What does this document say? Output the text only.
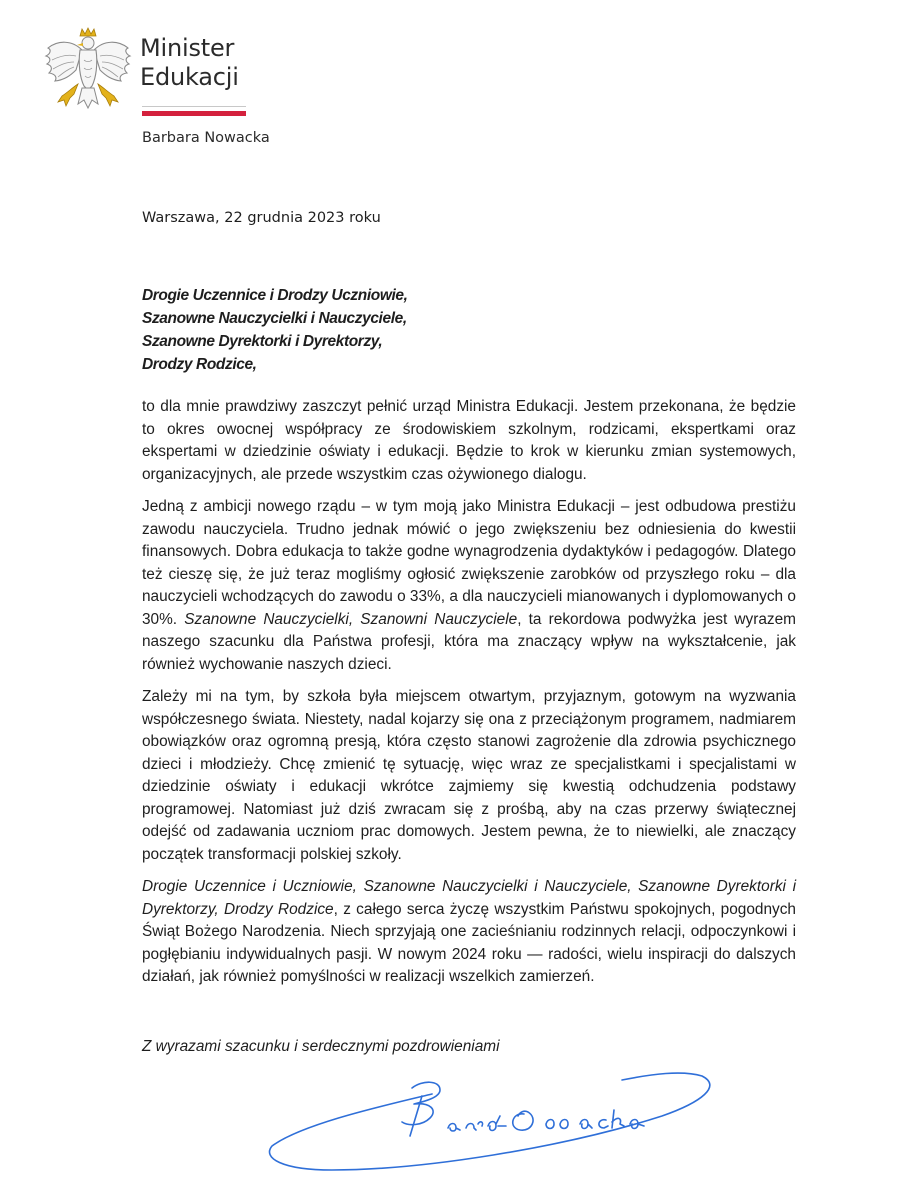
Minister
Edukacji
Barbara Nowacka
Warszawa, 22 grudnia 2023 roku
Drogie Uczennice i Drodzy Uczniowie,
Szanowne Nauczycielki i Nauczyciele,
Szanowne Dyrektorki i Dyrektorzy,
Drodzy Rodzice,

to dla mnie prawdziwy zaszczyt pełnić urząd Ministra Edukacji. Jestem przekonana, że będzie to okres owocnej współpracy ze środowiskiem szkolnym, rodzicami, ekspertkami oraz ekspertami w dziedzinie oświaty i edukacji. Będzie to krok w kierunku zmian systemowych, organizacyjnych, ale przede wszystkim czas ożywionego dialogu.

Jedną z ambicji nowego rządu – w tym moją jako Ministra Edukacji – jest odbudowa prestiżu zawodu nauczyciela. Trudno jednak mówić o jego zwiększeniu bez odniesienia do kwestii finansowych. Dobra edukacja to także godne wynagrodzenia dydaktyków i pedagogów. Dlatego też cieszę się, że już teraz mogliśmy ogłosić zwiększenie zarobków od przyszłego roku – dla nauczycieli wchodzących do zawodu o 33%, a dla nauczycieli mianowanych i dyplomowanych o 30%. Szanowne Nauczycielki, Szanowni Nauczyciele, ta rekordowa podwyżka jest wyrazem naszego szacunku dla Państwa profesji, która ma znaczący wpływ na wykształcenie, jak również wychowanie naszych dzieci.

Zależy mi na tym, by szkoła była miejscem otwartym, przyjaznym, gotowym na wyzwania współczesnego świata. Niestety, nadal kojarzy się ona z przeciążonym programem, nadmiarem obowiązków oraz ogromną presją, która często stanowi zagrożenie dla zdrowia psychicznego dzieci i młodzieży. Chcę zmienić tę sytuację, więc wraz ze specjalistkami i specjalistami w dziedzinie oświaty i edukacji wkrótce zajmiemy się kwestią odchudzenia podstawy programowej. Natomiast już dziś zwracam się z prośbą, aby na czas przerwy świątecznej odejść od zadawania uczniom prac domowych. Jestem pewna, że to niewielki, ale znaczący początek transformacji polskiej szkoły.

Drogie Uczennice i Uczniowie, Szanowne Nauczycielki i Nauczyciele, Szanowne Dyrektorki i Dyrektorzy, Drodzy Rodzice, z całego serca życzę wszystkim Państwu spokojnych, pogodnych Świąt Bożego Narodzenia. Niech sprzyjają one zacieśnianiu rodzinnych relacji, odpoczynkowi i pogłębianiu indywidualnych pasji. W nowym 2024 roku — radości, wielu inspiracji do dalszych działań, jak również pomyślności w realizacji wszelkich zamierzeń.

Z wyrazami szacunku i serdecznymi pozdrowieniami
